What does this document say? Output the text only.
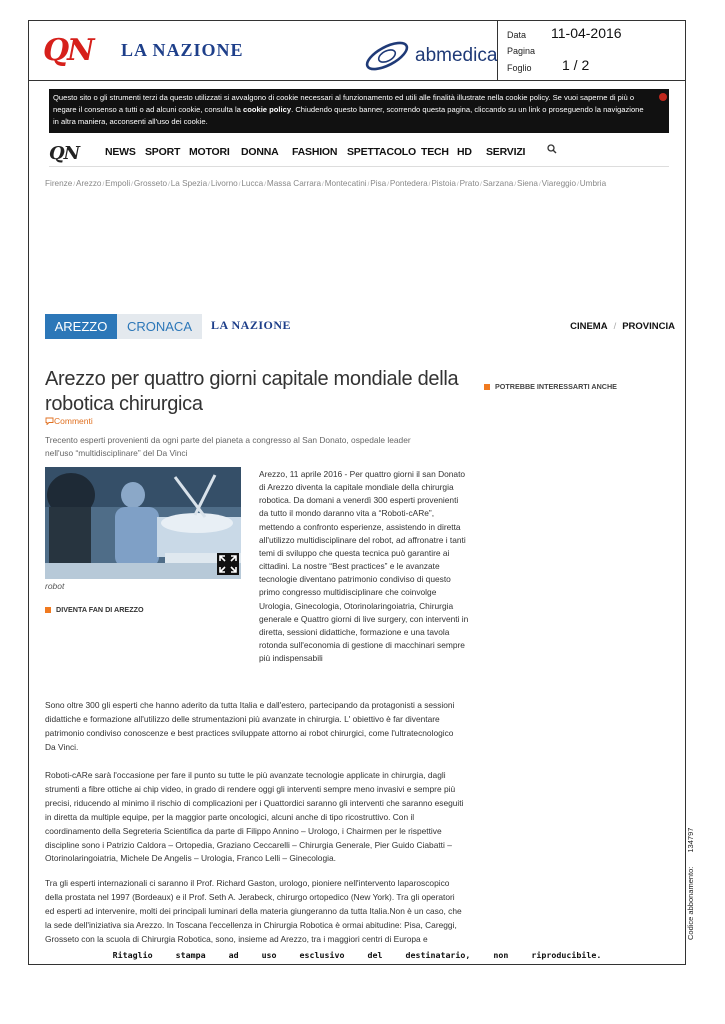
QN LA NAZIONE	abmedica
Data 11-04-2016
Pagina
Foglio 1 / 2
Questo sito o gli strumenti terzi da questo utilizzati si avvalgono di cookie necessari al funzionamento ed utili alle finalità illustrate nella cookie policy. Se vuoi saperne di più o negare il consenso a tutti o ad alcuni cookie, consulta la cookie policy. Chiudendo questo banner, scorrendo questa pagina, cliccando su un link o proseguendo la navigazione in altra maniera, acconsenti all'uso dei cookie.
QN NEWS SPORT MOTORI DONNA FASHION SPETTACOLO TECH HD SERVIZI
Firenze/Arezzo/Empoli/Grosseto/La Spezia/Livorno/Lucca/Massa Carrara/Montecatini/Pisa/Pontedera/Pistoia/Prato/Sarzana/Siena/Viareggio/Umbria
AREZZO	CRONACA	LA NAZIONE	CINEMA / PROVINCIA
Arezzo per quattro giorni capitale mondiale della robotica chirurgica
Commenti

Trecento esperti provenienti da ogni parte del pianeta a congresso al San Donato, ospedale leader nell'uso “multidisciplinare” del Da Vinci

POTREBBE INTERESSARTI ANCHE
robot
DIVENTA FAN DI AREZZO

Arezzo, 11 aprile 2016 - Per quattro giorni il san Donato di Arezzo diventa la capitale mondiale della chirurgia robotica. Da domani a venerdì 300 esperti provenienti da tutto il mondo daranno vita a “Roboti-cARe”, mettendo a confronto esperienze, assistendo in diretta all'utilizzo multidisciplinare del robot, ad affronatre i tanti temi di sviluppo che questa tecnica può garantire ai cittadini. La nostre “Best practices” e le avanzate tecnologie diventano patrimonio condiviso di questo primo congresso multidisciplinare che coinvolge Urologia, Ginecologia, Otorinolaringoiatria, Chirurgia generale e Quattro giorni di live surgery, con interventi in diretta, sessioni didattiche, formazione e una tavola rotonda sull'economia di gestione di macchinari sempre più indispensabili

Sono oltre 300 gli esperti che hanno aderito da tutta Italia e dall'estero, partecipando da protagonisti a sessioni didattiche e formazione all'utilizzo delle strumentazioni più avanzate in chirurgia. L' obiettivo è far diventare patrimonio condiviso conoscenze e best practices sviluppate attorno ai robot chirurgici, come l'ultratecnologico Da Vinci.

Roboti-cARe sarà l'occasione per fare il punto su tutte le più avanzate tecnologie applicate in chirurgia, dagli strumenti a fibre ottiche ai chip video, in grado di rendere oggi gli interventi sempre meno invasivi e sempre più precisi, riducendo al minimo il rischio di complicazioni per i Quattordici saranno gli interventi che saranno eseguiti in diretta da multiple equipe, per la maggior parte oncologici, alcuni anche di tipo ricostruttivo. Con il coordinamento della Segreteria Scientifica da parte di Filippo Annino – Urologo, i Chairmen per le rispettive discipline sono i Patrizio Caldora – Ortopedia, Graziano Ceccarelli – Chirurgia Generale, Pier Guido Ciabatti – Otorinolaringoiatria, Michele De Angelis – Urologia, Franco Lelli – Ginecologia.

Tra gli esperti internazionali ci saranno il Prof. Richard Gaston, urologo, pioniere nell'intervento laparoscopico della prostata nel 1997 (Bordeaux) e il Prof. Seth A. Jerabeck, chirurgo ortopedico (New York). Tra gli operatori ed esperti ad intervenire, molti dei principali luminari della materia giungeranno da tutta Italia.Non è un caso, che la sede dell'iniziativa sia Arezzo. In Toscana l'eccellenza in Chirurgia Robotica è ormai abitudine: Pisa, Careggi, Grosseto con la scuola di Chirurgia Robotica, sono, insieme ad Arezzo, tra i maggiori centri di Europa e

Ritaglio stampa ad uso esclusivo del destinatario, non riproducibile.
Codice abbonamento:134797
